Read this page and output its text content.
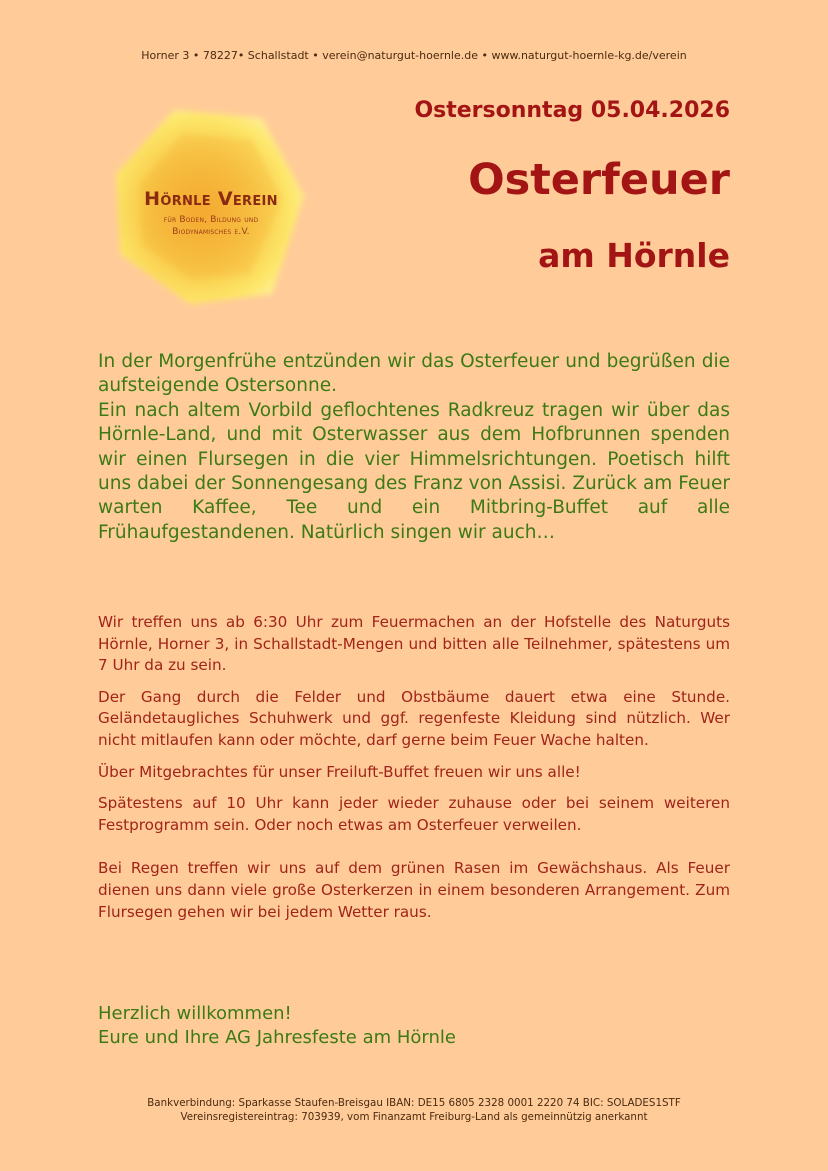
Horner 3 • 78227• Schallstadt • verein@naturgut-hoernle.de • www.naturgut-hoernle-kg.de/verein
Hörnle Verein
für Boden, Bildung und
Biodynamisches e.V.
Ostersonntag 05.04.2026
Osterfeuer
am Hörnle

In der Morgenfrühe entzünden wir das Osterfeuer und begrüßen die aufsteigende Ostersonne.

Ein nach altem Vorbild geflochtenes Radkreuz tragen wir über das Hörnle-Land, und mit Osterwasser aus dem Hofbrunnen spenden wir einen Flursegen in die vier Himmelsrichtungen. Poetisch hilft uns dabei der Sonnengesang des Franz von Assisi. Zurück am Feuer warten Kaffee, Tee und ein Mitbring-Buffet auf alle Frühaufgestandenen. Natürlich singen wir auch…

Wir treffen uns ab 6:30 Uhr zum Feuermachen an der Hofstelle des Naturguts Hörnle, Horner 3, in Schallstadt-Mengen und bitten alle Teilnehmer, spätestens um 7 Uhr da zu sein.

Der Gang durch die Felder und Obstbäume dauert etwa eine Stunde. Geländetaugliches Schuhwerk und ggf. regenfeste Kleidung sind nützlich. Wer nicht mitlaufen kann oder möchte, darf gerne beim Feuer Wache halten.

Über Mitgebrachtes für unser Freiluft-Buffet freuen wir uns alle!

Spätestens auf 10 Uhr kann jeder wieder zuhause oder bei seinem weiteren Festprogramm sein. Oder noch etwas am Osterfeuer verweilen.

Bei Regen treffen wir uns auf dem grünen Rasen im Gewächshaus. Als Feuer dienen uns dann viele große Osterkerzen in einem besonderen Arrangement. Zum Flursegen gehen wir bei jedem Wetter raus.

Herzlich willkommen!
Eure und Ihre AG Jahresfeste am Hörnle
Bankverbindung: Sparkasse Staufen-Breisgau IBAN: DE15 6805 2328 0001 2220 74 BIC: SOLADES1STF
Vereinsregistereintrag: 703939, vom Finanzamt Freiburg-Land als gemeinnützig anerkannt
